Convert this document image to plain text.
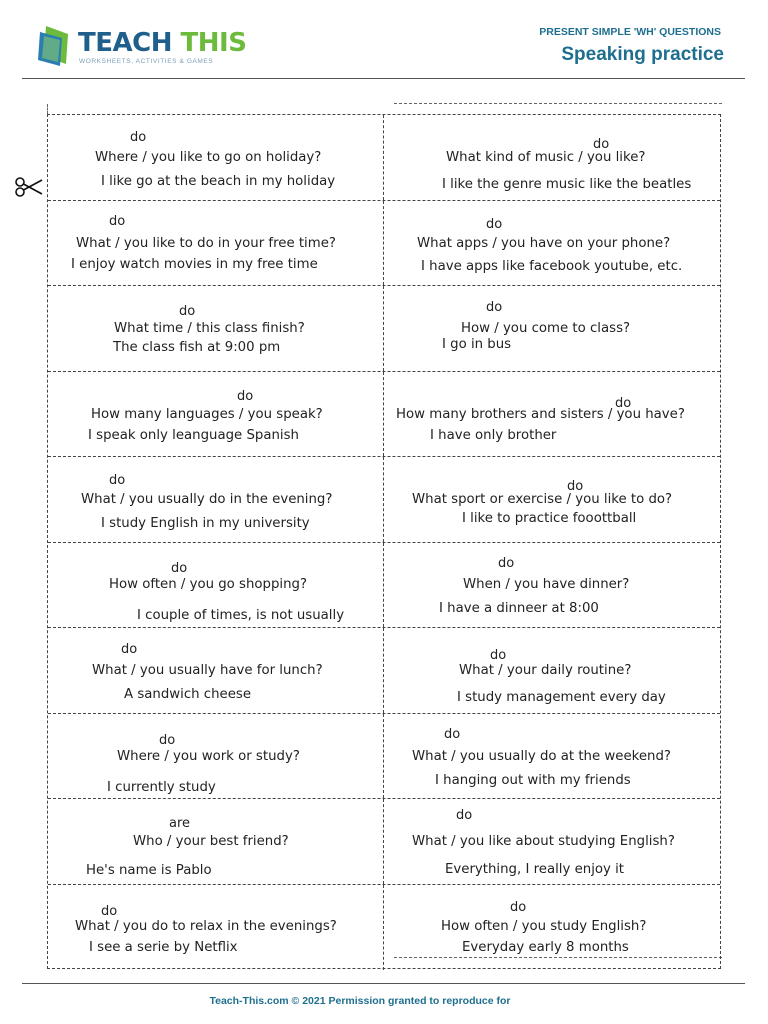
TEACH THIS
WORKSHEETS, ACTIVITIES & GAMES
PRESENT SIMPLE 'WH' QUESTIONS
Speaking practice
do
Where / you like to go on holiday?
I like go at the beach in my holiday
do
What kind of music / you like?
I like the genre music like the beatles
do
What / you like to do in your free time?
I enjoy watch movies in my free time
do
What apps / you have on your phone?
I have apps like facebook youtube, etc.
do
What time / this class finish?
The class fish at 9:00 pm
do
How / you come to class?
I go in bus
do
How many languages / you speak?
I speak only leanguage Spanish
do
How many brothers and sisters / you have?
I have only brother
do
What / you usually do in the evening?
I study English in my university
do
What sport or exercise / you like to do?
I like to practice fooottball
do
How often / you go shopping?
I couple of times, is not usually
do
When / you have dinner?
I have a dinneer at 8:00
do
What / you usually have for lunch?
A sandwich cheese
do
What / your daily routine?
I study management every day
do
Where / you work or study?
I currently study
do
What / you usually do at the weekend?
I hanging out with my friends
are
Who / your best friend?
He's name is Pablo
do
What / you like about studying English?
Everything, I really enjoy it
do
What / you do to relax in the evenings?
I see a serie by Netflix
do
How often / you study English?
Everyday early 8 months
Teach-This.com © 2021 Permission granted to reproduce for
